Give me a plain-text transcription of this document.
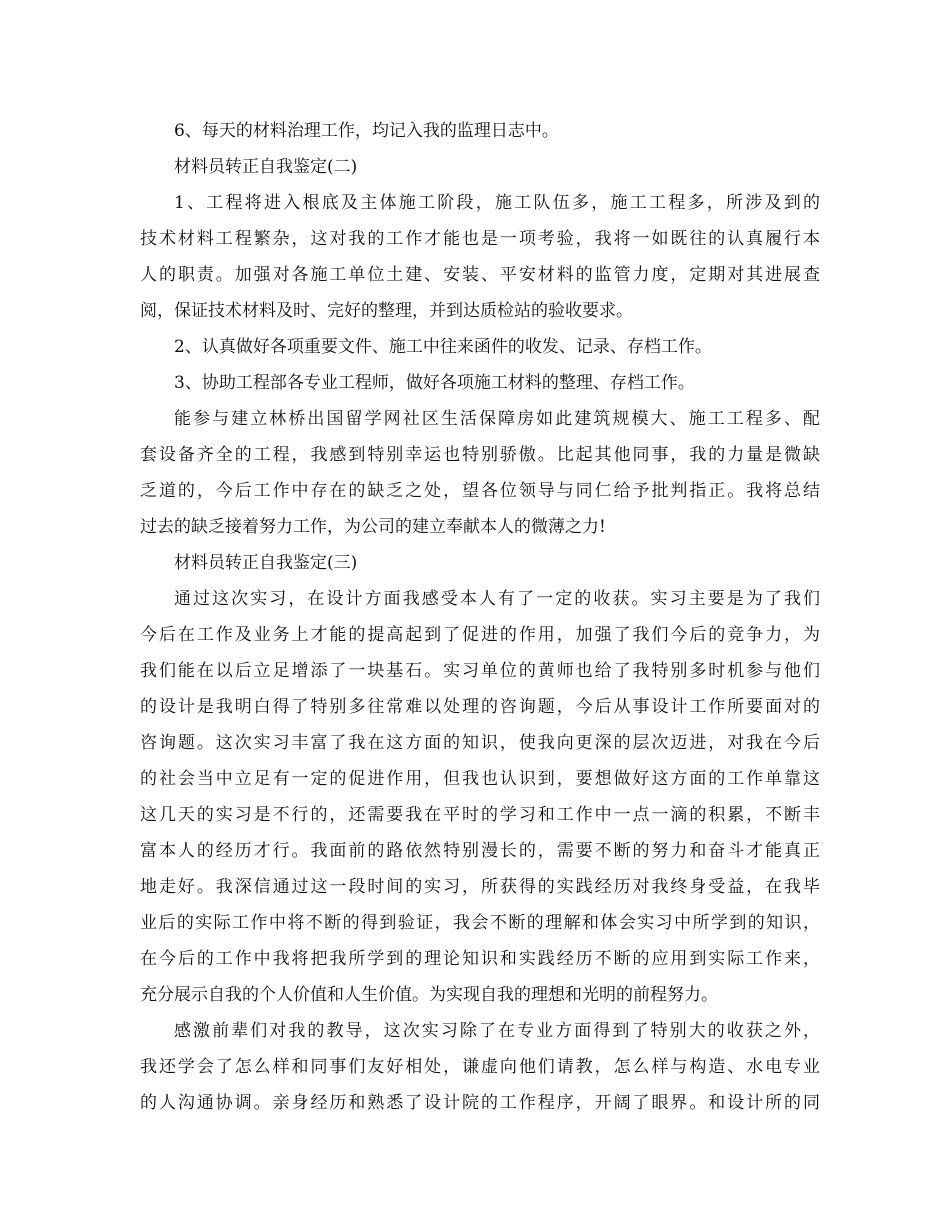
6、每天的材料治理工作，均记入我的监理日志中。
材料员转正自我鉴定(二)
1、工程将进入根底及主体施工阶段，施工队伍多，施工工程多，所涉及到的
技术材料工程繁杂，这对我的工作才能也是一项考验，我将一如既往的认真履行本
人的职责。加强对各施工单位土建、安装、平安材料的监管力度，定期对其进展查
阅，保证技术材料及时、完好的整理，并到达质检站的验收要求。
2、认真做好各项重要文件、施工中往来函件的收发、记录、存档工作。
3、协助工程部各专业工程师，做好各项施工材料的整理、存档工作。
能参与建立林桥出国留学网社区生活保障房如此建筑规模大、施工工程多、配
套设备齐全的工程，我感到特别幸运也特别骄傲。比起其他同事，我的力量是微缺
乏道的，今后工作中存在的缺乏之处，望各位领导与同仁给予批判指正。我将总结
过去的缺乏接着努力工作，为公司的建立奉献本人的微薄之力!
材料员转正自我鉴定(三)
通过这次实习，在设计方面我感受本人有了一定的收获。实习主要是为了我们
今后在工作及业务上才能的提高起到了促进的作用，加强了我们今后的竞争力，为
我们能在以后立足增添了一块基石。实习单位的黄师也给了我特别多时机参与他们
的设计是我明白得了特别多往常难以处理的咨询题，今后从事设计工作所要面对的
咨询题。这次实习丰富了我在这方面的知识，使我向更深的层次迈进，对我在今后
的社会当中立足有一定的促进作用，但我也认识到，要想做好这方面的工作单靠这
这几天的实习是不行的，还需要我在平时的学习和工作中一点一滴的积累，不断丰
富本人的经历才行。我面前的路依然特别漫长的，需要不断的努力和奋斗才能真正
地走好。我深信通过这一段时间的实习，所获得的实践经历对我终身受益，在我毕
业后的实际工作中将不断的得到验证，我会不断的理解和体会实习中所学到的知识，
在今后的工作中我将把我所学到的理论知识和实践经历不断的应用到实际工作来，
充分展示自我的个人价值和人生价值。为实现自我的理想和光明的前程努力。
感激前辈们对我的教导，这次实习除了在专业方面得到了特别大的收获之外，
我还学会了怎么样和同事们友好相处，谦虚向他们请教，怎么样与构造、水电专业
的人沟通协调。亲身经历和熟悉了设计院的工作程序，开阔了眼界。和设计所的同
